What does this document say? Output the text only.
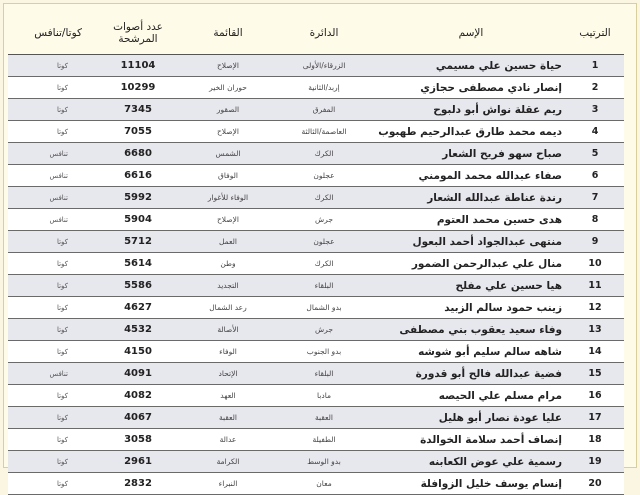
الترتيب	الإسم	الدائرة	القائمة	عدد أصوات المرشحة	كوتا/تنافس
1	حياة حسين علي مسيمي	الزرقاء/الأولى	الإصلاح	11104	كوتا
2	إنصار نادي مصطفى حجازي	إربد/الثانية	حوران الخير	10299	كوتا
3	ريم عقلة نواش أبو دلبوح	المفرق	الصقور	7345	كوتا
4	ديمه محمد طارق عبدالرحيم طهبوب	العاصمة/الثالثة	الإصلاح	7055	كوتا
5	صباح سهو فريح الشعار	الكرك	الشمس	6680	تنافس
6	صفاء عبدالله محمد المومني	عجلون	الوفاق	6616	تنافس
7	رندة عناطة عبدالله الشعار	الكرك	الوفاء للأغوار	5992	تنافس
8	هدى حسين محمد العتوم	جرش	الإصلاح	5904	تنافس
9	منتهى عبدالجواد أحمد البعول	عجلون	العمل	5712	كوتا
10	منال علي عبدالرحمن الضمور	الكرك	وطن	5614	كوتا
11	هيا حسين علي مفلح	البلقاء	التجديد	5586	كوتا
12	زينب حمود سالم الزبيد	بدو الشمال	رعد الشمال	4627	كوتا
13	وفاء سعيد يعقوب بني مصطفى	جرش	الأصالة	4532	كوتا
14	شاهه سالم سليم أبو شوشه	بدو الجنوب	الوفاء	4150	كوتا
15	فضية عبدالله فالح أبو قدورة	البلقاء	الإتحاد	4091	تنافس
16	مرام مسلم علي الحيصه	مادبا	العهد	4082	كوتا
17	عليا عودة نصار أبو هليل	العقبة	العقبة	4067	كوتا
18	إنصاف أحمد سلامة الخوالدة	الطفيلة	عدالة	3058	كوتا
19	رسمية علي عوض الكعابنه	بدو الوسط	الكرامة	2961	كوتا
20	إنسام يوسف خليل الزوافلة	معان	النبراء	2832	كوتا
